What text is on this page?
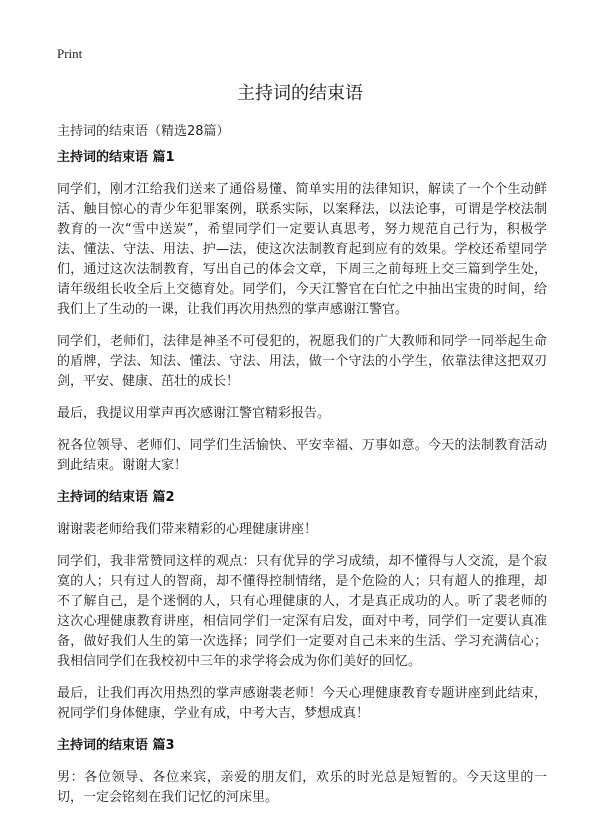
Print
主持词的结束语

主持词的结束语（精选28篇）

主持词的结束语 篇1

同学们，刚才江给我们送来了通俗易懂、简单实用的法律知识，解读了一个个生动鲜活、触目惊心的青少年犯罪案例，联系实际，以案释法，以法论事，可谓是学校法制教育的一次“雪中送炭”，希望同学们一定要认真思考，努力规范自己行为，积极学法、懂法、守法、用法、护—法，使这次法制教育起到应有的效果。学校还希望同学们，通过这次法制教育，写出自己的体会文章，下周三之前每班上交三篇到学生处，请年级组长收全后上交德育处。同学们，今天江警官在白忙之中抽出宝贵的时间，给我们上了生动的一课，让我们再次用热烈的掌声感谢江警官。

同学们，老师们，法律是神圣不可侵犯的，祝愿我们的广大教师和同学一同举起生命的盾牌，学法、知法、懂法、守法、用法，做一个守法的小学生，依靠法律这把双刃剑，平安、健康、茁壮的成长！

最后，我提议用掌声再次感谢江警官精彩报告。

祝各位领导、老师们、同学们生活愉快、平安幸福、万事如意。今天的法制教育活动到此结束。谢谢大家！

主持词的结束语 篇2

谢谢裴老师给我们带来精彩的心理健康讲座！

同学们，我非常赞同这样的观点：只有优异的学习成绩，却不懂得与人交流，是个寂寞的人；只有过人的智商，却不懂得控制情绪，是个危险的人；只有超人的推理，却不了解自己，是个迷惘的人，只有心理健康的人，才是真正成功的人。听了裴老师的这次心理健康教育讲座，相信同学们一定深有启发，面对中考，同学们一定要认真准备，做好我们人生的第一次选择；同学们一定要对自己未来的生活、学习充满信心；我相信同学们在我校初中三年的求学将会成为你们美好的回忆。

最后，让我们再次用热烈的掌声感谢裴老师！今天心理健康教育专题讲座到此结束，祝同学们身体健康，学业有成，中考大吉，梦想成真！

主持词的结束语 篇3

男：各位领导、各位来宾，亲爱的朋友们，欢乐的时光总是短暂的。今天这里的一切，一定会铭刻在我们记忆的河床里。
